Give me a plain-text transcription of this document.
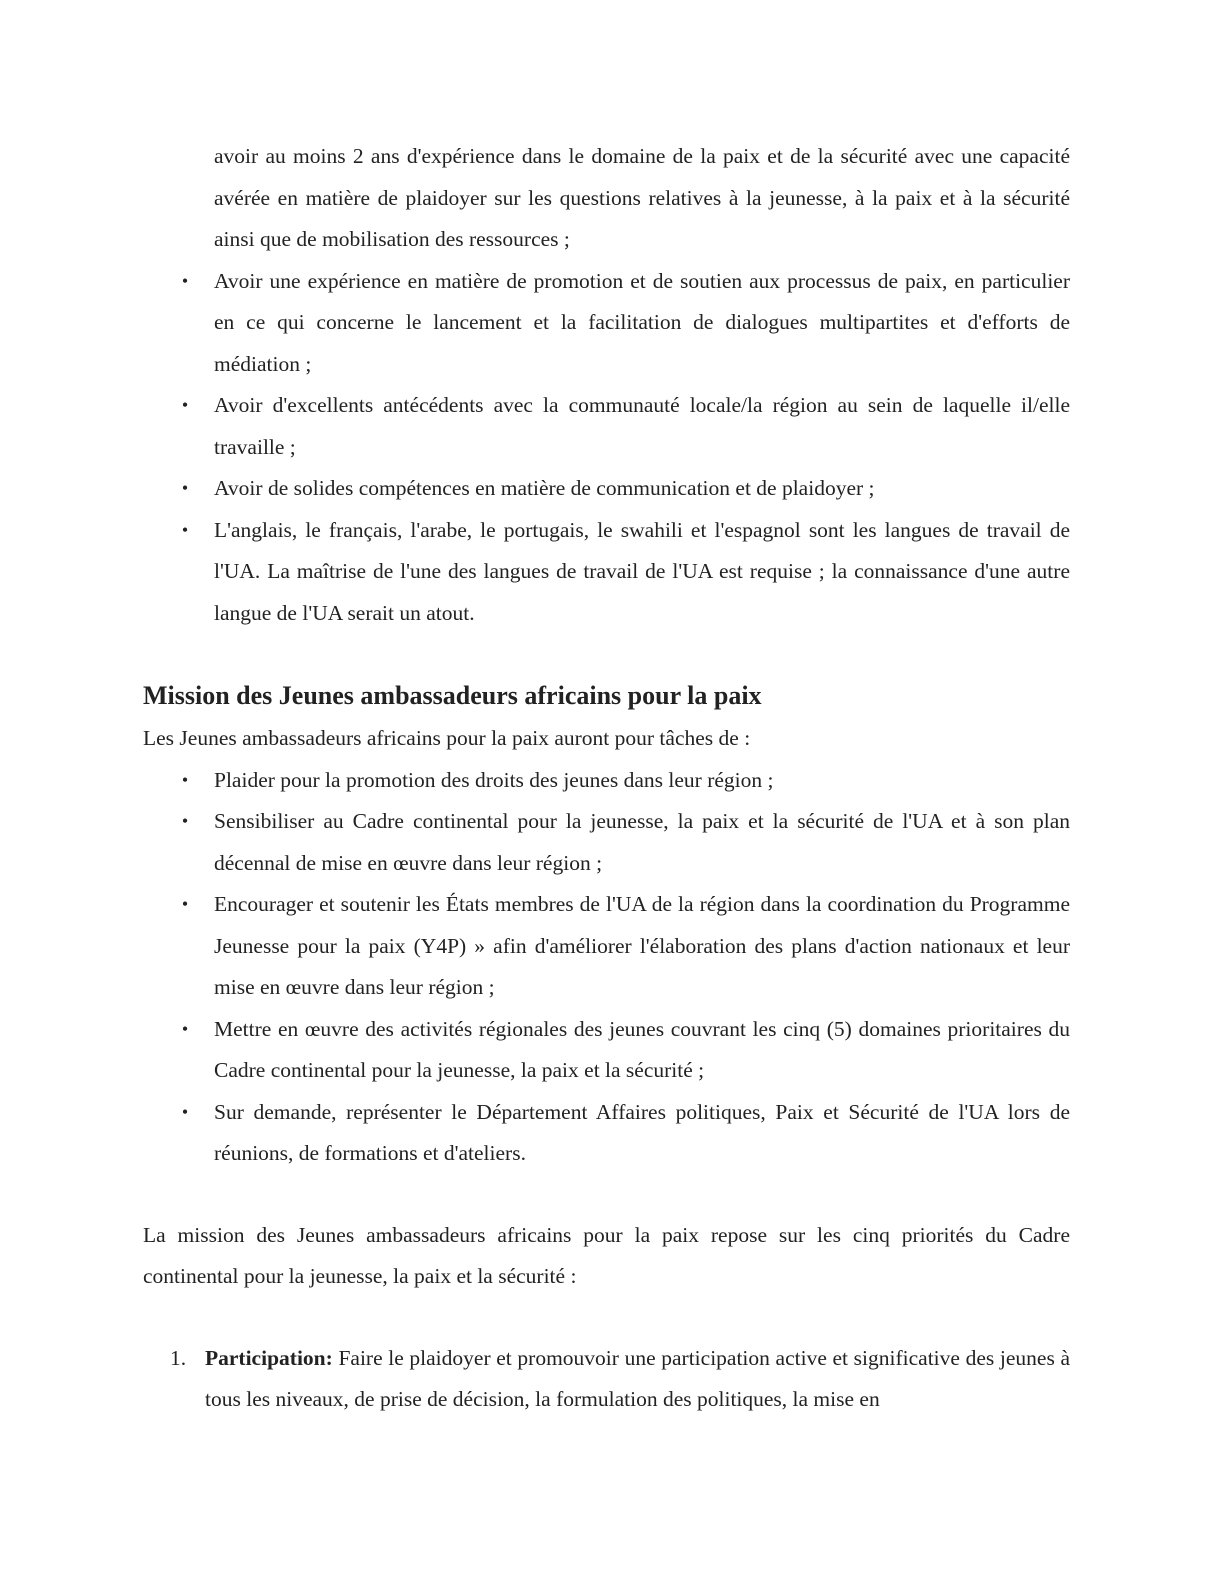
avoir au moins 2 ans d'expérience dans le domaine de la paix et de la sécurité avec une capacité avérée en matière de plaidoyer sur les questions relatives à la jeunesse, à la paix et à la sécurité ainsi que de mobilisation des ressources ;
• Avoir une expérience en matière de promotion et de soutien aux processus de paix, en particulier en ce qui concerne le lancement et la facilitation de dialogues multipartites et d'efforts de médiation ;
• Avoir d'excellents antécédents avec la communauté locale/la région au sein de laquelle il/elle travaille ;
• Avoir de solides compétences en matière de communication et de plaidoyer ;
• L'anglais, le français, l'arabe, le portugais, le swahili et l'espagnol sont les langues de travail de l'UA. La maîtrise de l'une des langues de travail de l'UA est requise ; la connaissance d'une autre langue de l'UA serait un atout.
Mission des Jeunes ambassadeurs africains pour la paix
Les Jeunes ambassadeurs africains pour la paix auront pour tâches de :
• Plaider pour la promotion des droits des jeunes dans leur région ;
• Sensibiliser au Cadre continental pour la jeunesse, la paix et la sécurité de l'UA et à son plan décennal de mise en œuvre dans leur région ;
• Encourager et soutenir les États membres de l'UA de la région dans la coordination du Programme Jeunesse pour la paix (Y4P) » afin d'améliorer l'élaboration des plans d'action nationaux et leur mise en œuvre dans leur région ;
• Mettre en œuvre des activités régionales des jeunes couvrant les cinq (5) domaines prioritaires du Cadre continental pour la jeunesse, la paix et la sécurité ;
• Sur demande, représenter le Département Affaires politiques, Paix et Sécurité de l'UA lors de réunions, de formations et d'ateliers.
La mission des Jeunes ambassadeurs africains pour la paix repose sur les cinq priorités du Cadre continental pour la jeunesse, la paix et la sécurité :
1. Participation: Faire le plaidoyer et promouvoir une participation active et significative des jeunes à tous les niveaux, de prise de décision, la formulation des politiques, la mise en
